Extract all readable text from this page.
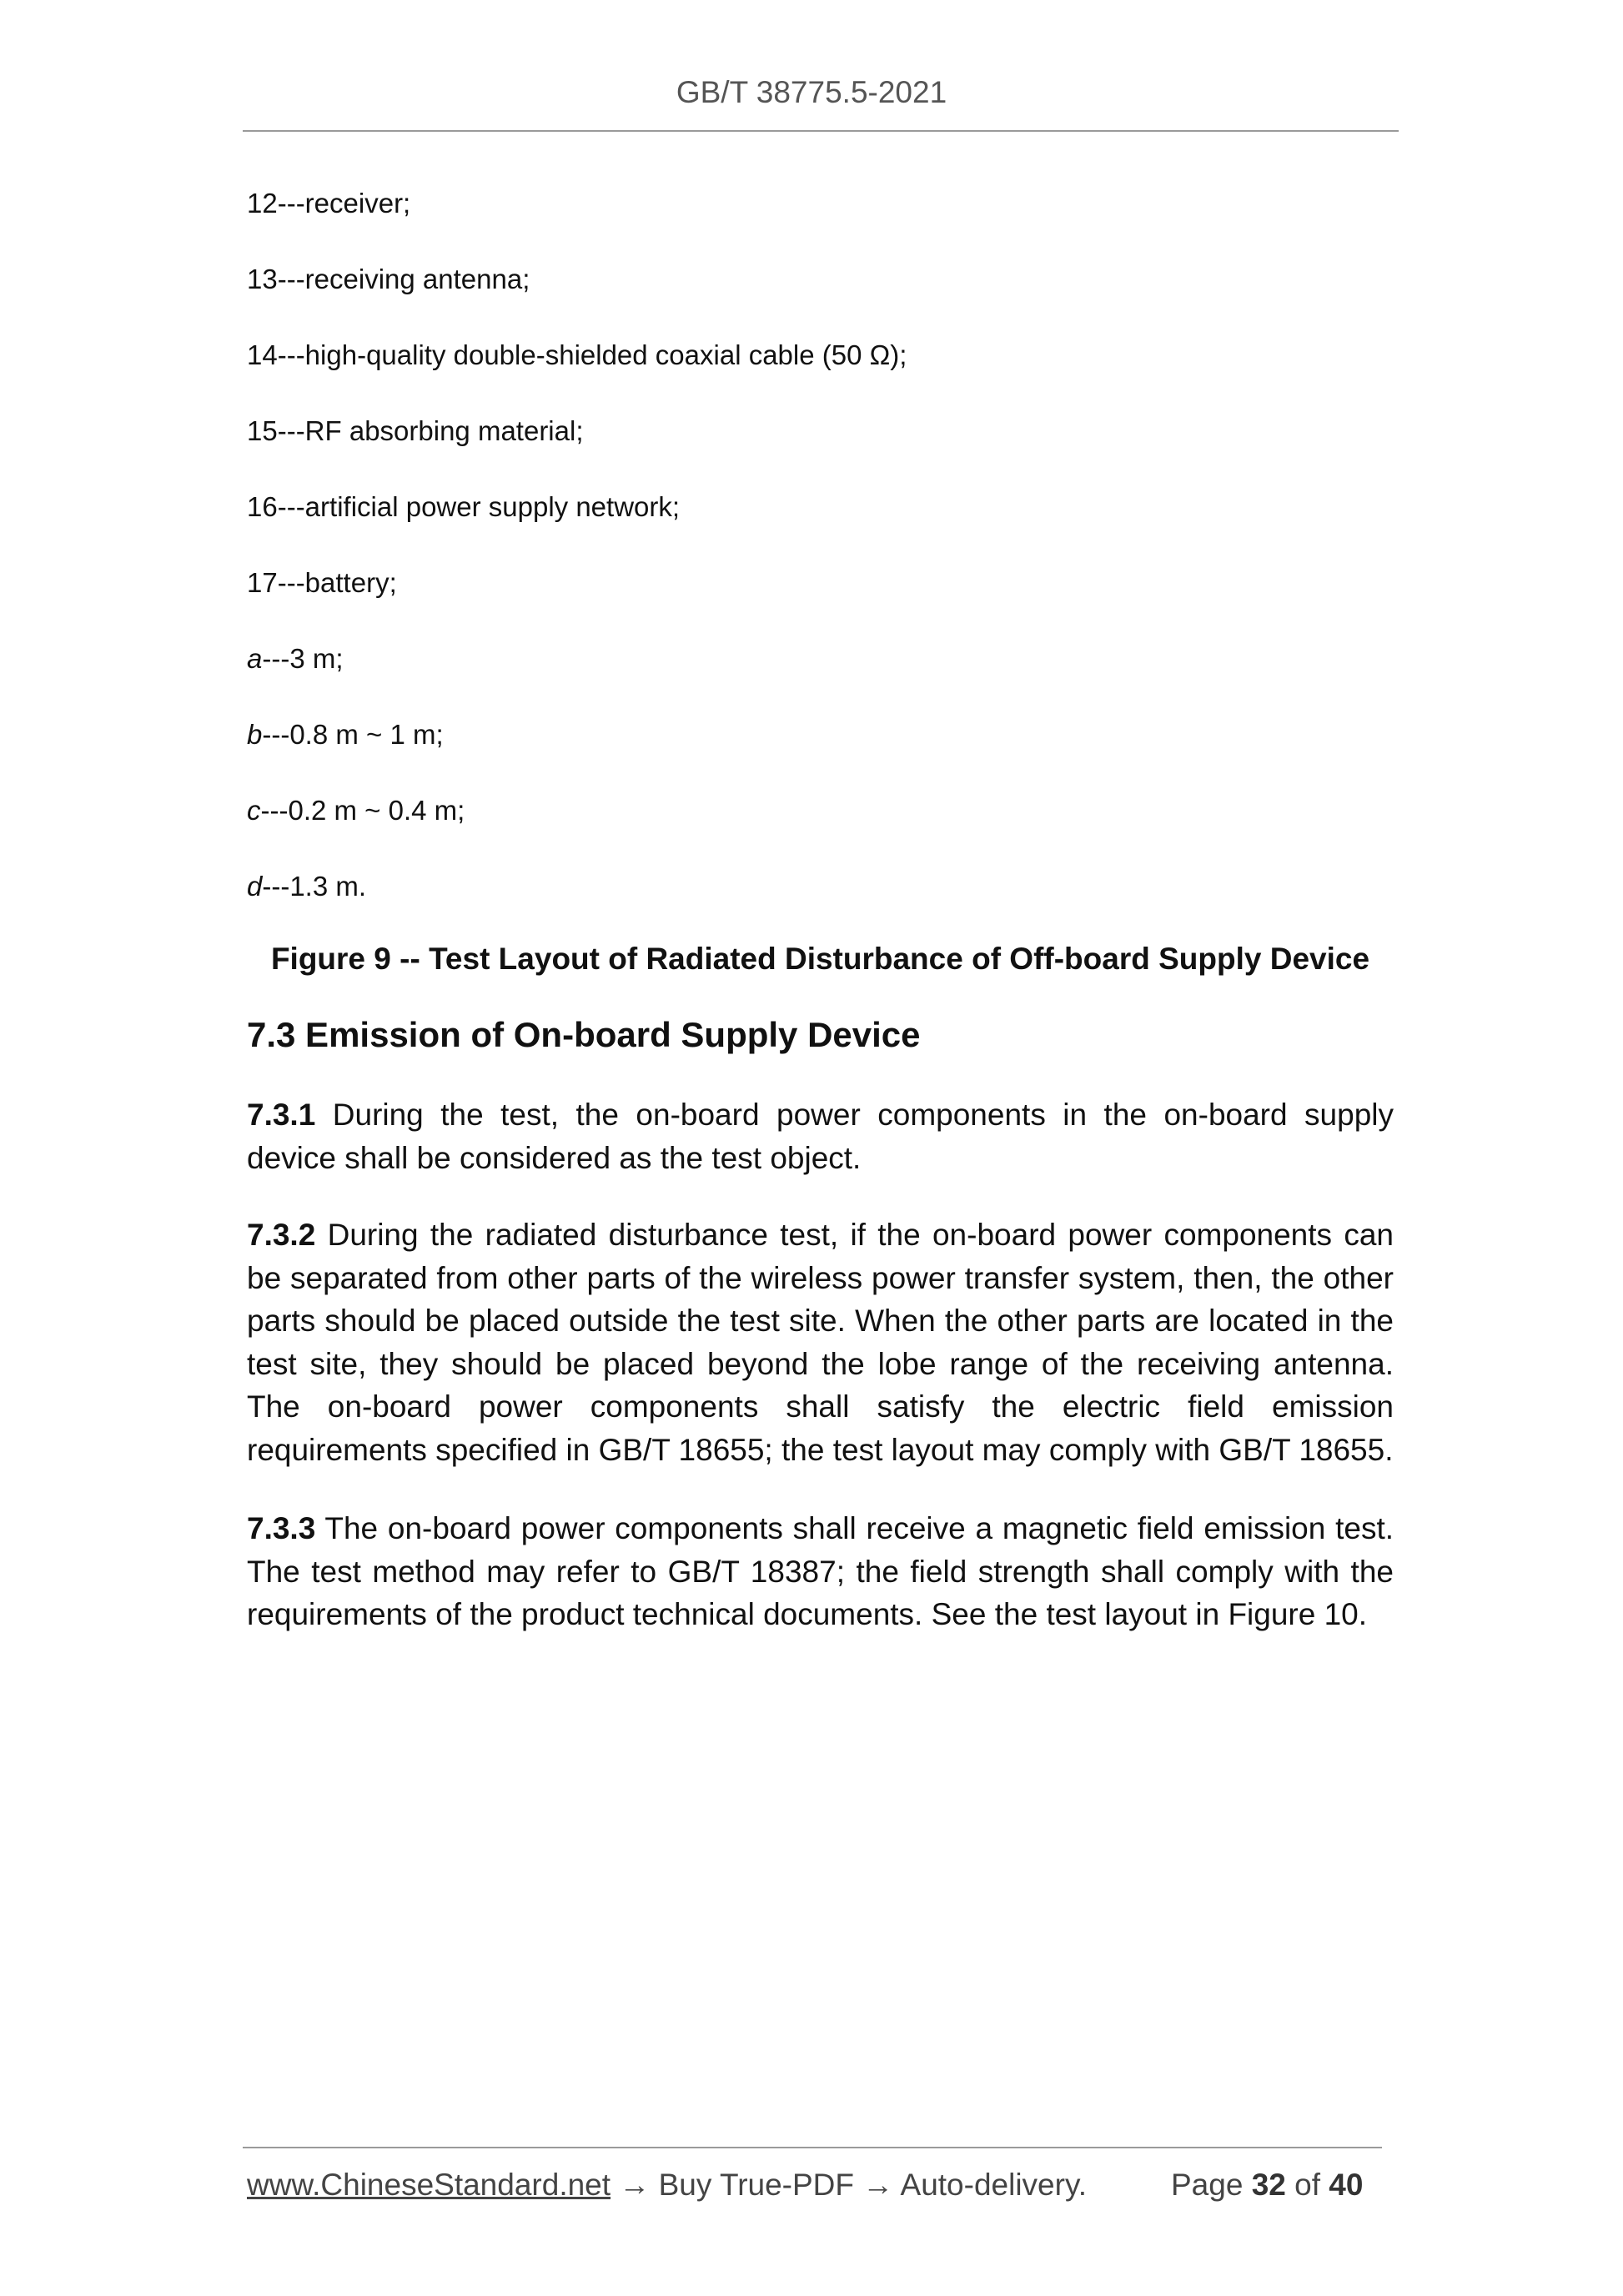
GB/T 38775.5-2021
12---receiver;
13---receiving antenna;
14---high-quality double-shielded coaxial cable (50 Ω);
15---RF absorbing material;
16---artificial power supply network;
17---battery;
a---3 m;
b---0.8 m ~ 1 m;
c---0.2 m ~ 0.4 m;
d---1.3 m.
Figure 9 -- Test Layout of Radiated Disturbance of Off-board Supply Device
7.3 Emission of On-board Supply Device

7.3.1 During the test, the on-board power components in the on-board supply device shall be considered as the test object.

7.3.2 During the radiated disturbance test, if the on-board power components can be separated from other parts of the wireless power transfer system, then, the other parts should be placed outside the test site. When the other parts are located in the test site, they should be placed beyond the lobe range of the receiving antenna. The on-board power components shall satisfy the electric field emission requirements specified in GB/T 18655; the test layout may comply with GB/T 18655.

7.3.3 The on-board power components shall receive a magnetic field emission test. The test method may refer to GB/T 18387; the field strength shall comply with the requirements of the product technical documents. See the test layout in Figure 10.

www.ChineseStandard.net → Buy True-PDF → Auto-delivery.	Page 32 of 40
